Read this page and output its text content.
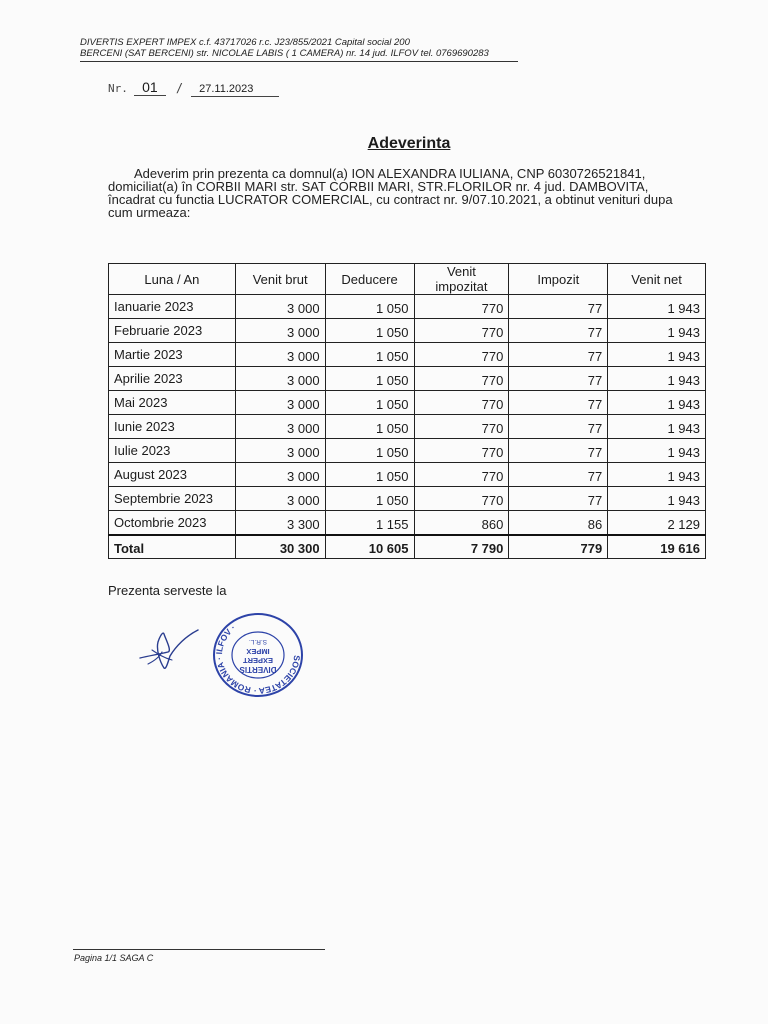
DIVERTIS EXPERT IMPEX c.f. 43717026 r.c. J23/855/2021 Capital social 200
BERCENI (SAT BERCENI) str. NICOLAE LABIS ( 1 CAMERA) nr. 14 jud. ILFOV tel. 0769690283
Nr.	01	/	27.11.2023
Adeverinta
Adeverim prin prezenta ca domnul(a) ION ALEXANDRA IULIANA, CNP 6030726521841,
domiciliat(a) în CORBII MARI str. SAT CORBII MARI, STR.FLORILOR nr. 4 jud. DAMBOVITA,
încadrat cu functia LUCRATOR COMERCIAL, cu contract nr. 9/07.10.2021, a obtinut venituri dupa
cum urmeaza:
Luna / An	Venit brut	Deducere	Venit impozitat	Impozit	Venit net
Ianuarie 2023	3 000	1 050	770	77	1 943
Februarie 2023	3 000	1 050	770	77	1 943
Martie 2023	3 000	1 050	770	77	1 943
Aprilie 2023	3 000	1 050	770	77	1 943
Mai 2023	3 000	1 050	770	77	1 943
Iunie 2023	3 000	1 050	770	77	1 943
Iulie 2023	3 000	1 050	770	77	1 943
August 2023	3 000	1 050	770	77	1 943
Septembrie 2023	3 000	1 050	770	77	1 943
Octombrie 2023	3 300	1 155	860	86	2 129
Total	30 300	10 605	7 790	779	19 616
Prezenta serveste la
SOCIETATEA · ROMANIA · ILFOV ·
DIVERTIS
EXPERT
IMPEX
S.R.L.
Pagina 1/1 SAGA C
